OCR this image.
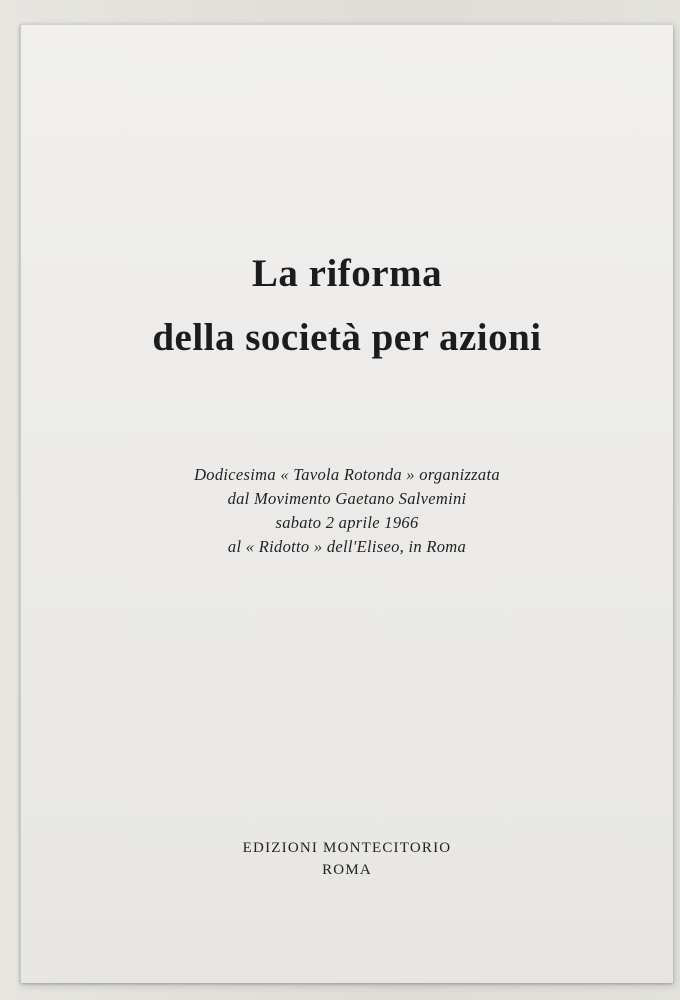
La riforma
della società per azioni
Dodicesima « Tavola Rotonda » organizzata
dal Movimento Gaetano Salvemini
sabato 2 aprile 1966
al « Ridotto » dell'Eliseo, in Roma
EDIZIONI MONTECITORIO
ROMA
